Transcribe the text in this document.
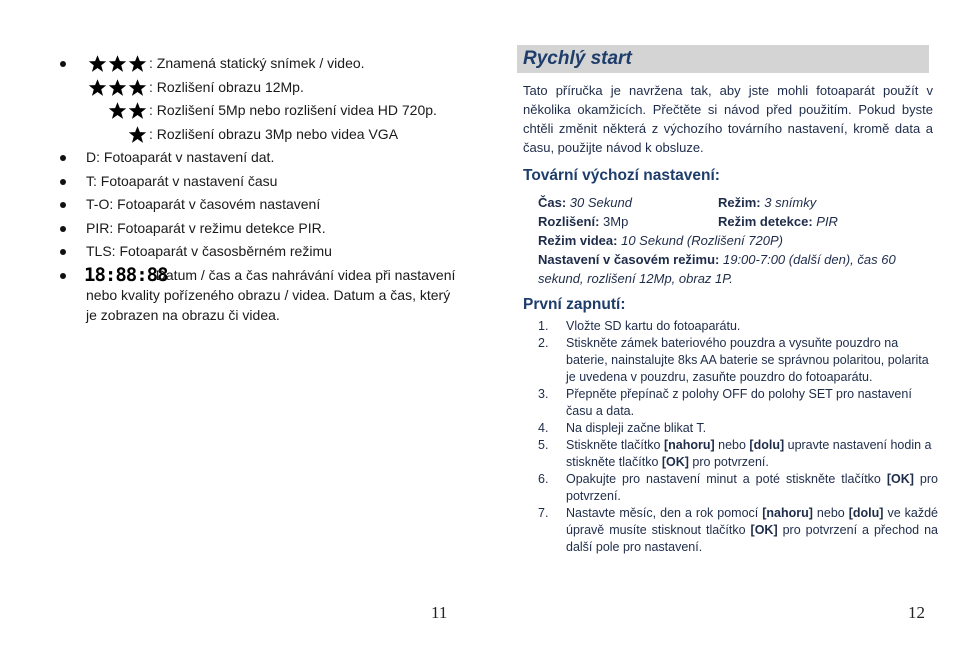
: Znamená statický snímek / video.
: Rozlišení obrazu 12Mp.
: Rozlišení 5Mp nebo rozlišení videa HD 720p.
: Rozlišení obrazu 3Mp nebo videa VGA
D: Fotoaparát v nastavení dat.
T: Fotoaparát v nastavení času
T-O: Fotoaparát v časovém nastavení
PIR: Fotoaparát v režimu detekce PIR.
TLS: Fotoaparát v časosběrném režimu
18:88:88
: Datum / čas a čas nahrávání videa při nastavení
nebo kvality pořízeného obrazu / videa. Datum a čas, který je zobrazen na obrazu či videa.
11
Rychlý start
Tato příručka je navržena tak, aby jste mohli fotoaparát použít v několika okamžicích. Přečtěte si návod před použitím. Pokud byste chtěli změnit některá z výchozího továrního nastavení, kromě data a času, použijte návod k obsluze.
Tovární výchozí nastavení:
Čas: 30 Sekund	Režim: 3 snímky
Rozlišení: 3Mp	Režim detekce: PIR
Režim videa: 10 Sekund (Rozlišení 720P)
Nastavení v časovém režimu: 19:00-7:00 (další den), čas 60 sekund, rozlišení 12Mp, obraz 1P.
První zapnutí:
1. Vložte SD kartu do fotoaparátu.
2. Stiskněte zámek bateriového pouzdra a vysuňte pouzdro na baterie, nainstalujte 8ks AA baterie se správnou polaritou, polarita je uvedena v pouzdru, zasuňte pouzdro do fotoaparátu.
3. Přepněte přepínač z polohy OFF do polohy SET pro nastavení času a data.
4. Na displeji začne blikat T.
5. Stiskněte tlačítko [nahoru] nebo [dolu] upravte nastavení hodin a stiskněte tlačítko [OK] pro potvrzení.
6. Opakujte pro nastavení minut a poté stiskněte tlačítko [OK] pro potvrzení.
7. Nastavte měsíc, den a rok pomocí [nahoru] nebo [dolu] ve každé úpravě musíte stisknout tlačítko [OK] pro potvrzení a přechod na další pole pro nastavení.
12
